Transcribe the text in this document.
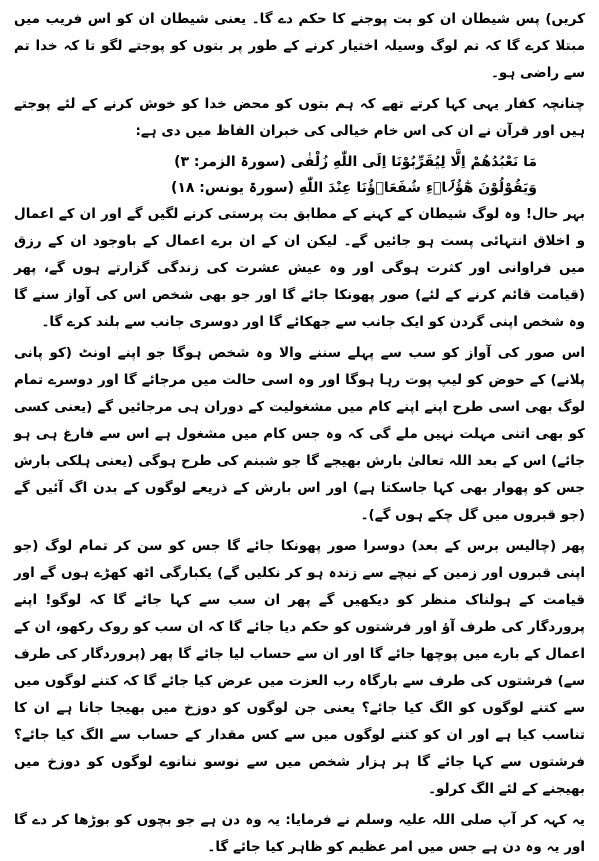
کریں) پس شیطان ان کو بت پوجنے کا حکم دے گا۔ یعنی شیطان ان کو اس فریب میں مبتلا کرے گا کہ تم لوگ وسیلہ اختیار کرنے کے طور پر بتوں کو پوجتے لگو تا کہ خدا تم سے راضی ہو۔

چنانچہ کفار یہی کہا کرتے تھے کہ ہم بتوں کو محض خدا کو خوش کرنے کے لئے پوجتے ہیں اور قرآن نے ان کی اس خام خیالی کی خبران الفاظ میں دی ہے:

مَا نَعْبُدُهُمْ اِلَّا لِيُقَرِّبُوْنَا اِلَى اللّٰهِ زُلْفٰى (سورۃ الزمر: ۳)

وَيَقُوْلُوْنَ هٰٓؤُلَاۗءِ شُفَعَاۗؤُنَا عِنْدَ اللّٰهِ (سورۃ یونس: ۱۸)

بہر حال! وہ لوگ شیطان کے کہنے کے مطابق بت پرستی کرنے لگیں گے اور ان کے اعمال و اخلاق انتہائی پست ہو جائیں گے۔ لیکن ان کے ان برے اعمال کے باوجود ان کے رزق میں فراوانی اور کثرت ہوگی اور وہ عیش عشرت کی زندگی گزارتے ہوں گے، پھر (قیامت قائم کرنے کے لئے) صور پھونکا جائے گا اور جو بھی شخص اس کی آواز سنے گا وہ شخص اپنی گردن کو ایک جانب سے جھکائے گا اور دوسری جانب سے بلند کرے گا۔

اس صور کی آواز کو سب سے پہلے سننے والا وہ شخص ہوگا جو اپنے اونٹ (کو پانی پلانے) کے حوض کو لیپ پوت رہا ہوگا اور وہ اسی حالت میں مرجائے گا اور دوسرے تمام لوگ بھی اسی طرح اپنے اپنے کام میں مشغولیت کے دوران ہی مرجائیں گے (یعنی کسی کو بھی اتنی مہلت نہیں ملے گی کہ وہ جس کام میں مشغول ہے اس سے فارغ ہی ہو جائے) اس کے بعد اللہ تعالیٰ بارش بھیجے گا جو شبنم کی طرح ہوگی (یعنی ہلکی بارش جس کو پھوار بھی کہا جاسکتا ہے) اور اس بارش کے ذریعے لوگوں کے بدن اگ آئیں گے (جو قبروں میں گل چکے ہوں گے)۔

پھر (چالیس برس کے بعد) دوسرا صور پھونکا جائے گا جس کو سن کر تمام لوگ (جو اپنی قبروں اور زمین کے نیچے سے زندہ ہو کر نکلیں گے) یکبارگی اٹھ کھڑے ہوں گے اور قیامت کے ہولناک منظر کو دیکھیں گے پھر ان سب سے کہا جائے گا کہ لوگو! اپنے پروردگار کی طرف آؤ اور فرشتوں کو حکم دیا جائے گا کہ ان سب کو روک رکھو، ان کے اعمال کے بارے میں پوچھا جائے گا اور ان سے حساب لیا جائے گا پھر (پروردگار کی طرف سے) فرشتوں کی طرف سے بارگاہ رب العزت میں عرض کیا جائے گا کہ کتنے لوگوں میں سے کتنے لوگوں کو الگ کیا جائے؟ یعنی جن لوگوں کو دوزخ میں بھیجا جانا ہے ان کا تناسب کیا ہے اور ان کو کتنے لوگوں میں سے کس مقدار کے حساب سے الگ کیا جائے؟ فرشتوں سے کہا جائے گا ہر ہزار شخص میں سے نوسو ننانوے لوگوں کو دوزخ میں بھیجنے کے لئے الگ کرلو۔

یہ کہہ کر آپ صلی اللہ علیہ وسلم نے فرمایا: یہ وہ دن ہے جو بچوں کو بوڑھا کر دے گا اور یہ وہ دن ہے جس میں امر عظیم کو ظاہر کیا جائے گا۔
